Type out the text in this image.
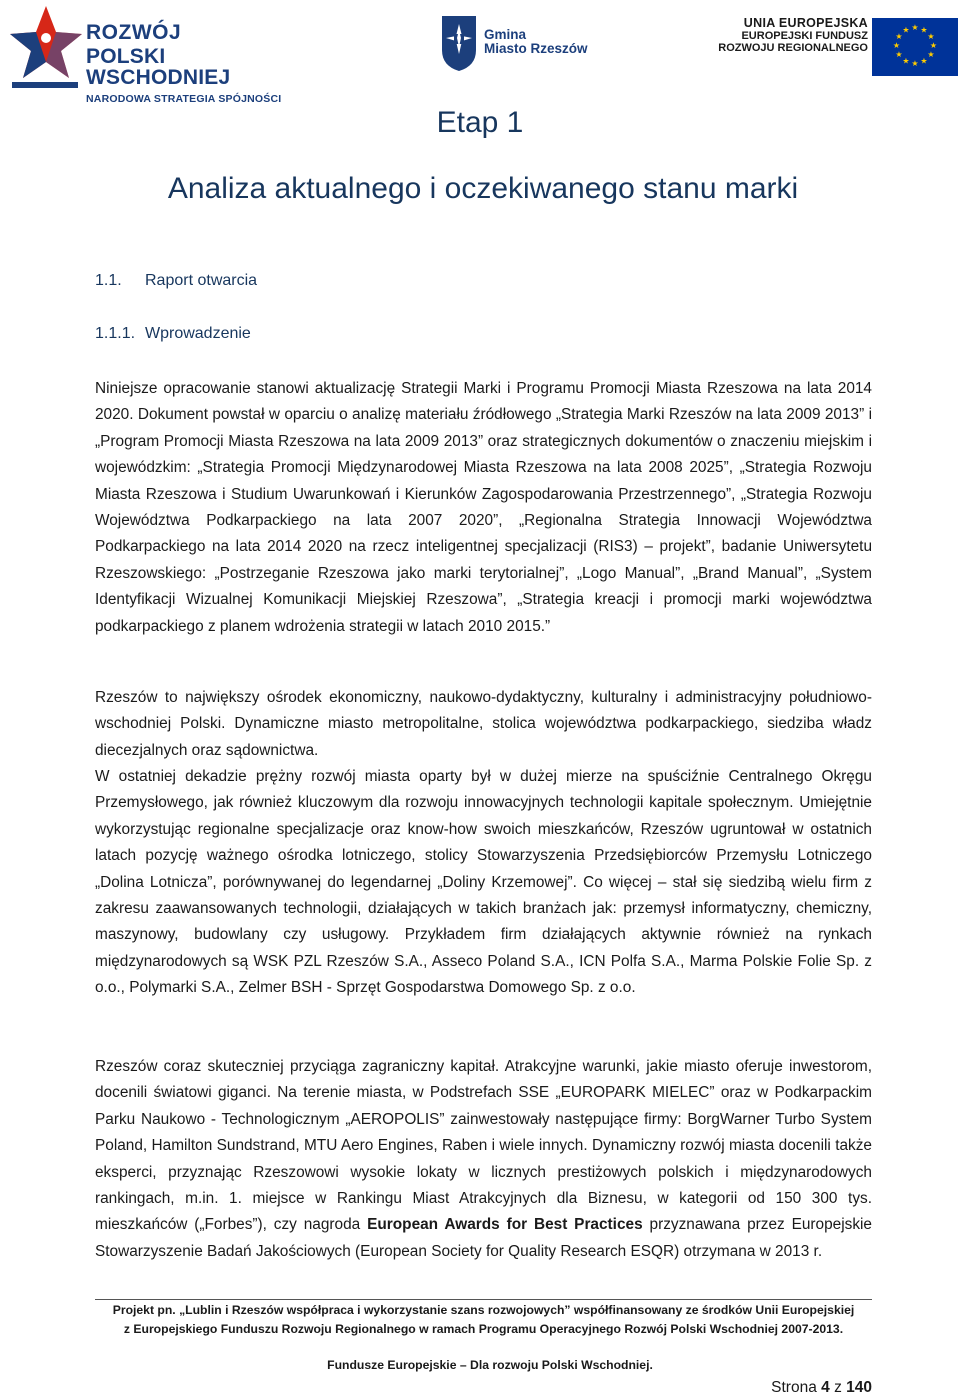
ROZWÓJ
POLSKI WSCHODNIEJ
NARODOWA STRATEGIA SPÓJNOŚCI
Gmina
Miasto Rzeszów
UNIA EUROPEJSKA
EUROPEJSKI FUNDUSZ
ROZWOJU REGIONALNEGO
★ ★
★
★
★
★
★
★
★
★
★
★
Etap 1
Analiza aktualnego i oczekiwanego stanu marki
1.1. Raport otwarcia
1.1.1. Wprowadzenie

Niniejsze opracowanie stanowi aktualizację Strategii Marki i Programu Promocji Miasta Rzeszowa na lata 2014 2020. Dokument powstał w oparciu o analizę materiału źródłowego „Strategia Marki Rzeszów na lata 2009 2013” i „Program Promocji Miasta Rzeszowa na lata 2009 2013” oraz strategicznych dokumentów o znaczeniu miejskim i wojewódzkim: „Strategia Promocji Międzynarodowej Miasta Rzeszowa na lata 2008 2025”, „Strategia Rozwoju Miasta Rzeszowa i Studium Uwarunkowań i Kierunków Zagospodarowania Przestrzennego”, „Strategia Rozwoju Województwa Podkarpackiego na lata 2007 2020”, „Regionalna Strategia Innowacji Województwa Podkarpackiego na lata 2014 2020 na rzecz inteligentnej specjalizacji (RIS3) – projekt”, badanie Uniwersytetu Rzeszowskiego: „Postrzeganie Rzeszowa jako marki terytorialnej”, „Logo Manual”, „Brand Manual”, „System Identyfikacji Wizualnej Komunikacji Miejskiej Rzeszowa”, „Strategia kreacji i promocji marki województwa podkarpackiego z planem wdrożenia strategii w latach 2010 2015.”

Rzeszów to największy ośrodek ekonomiczny, naukowo-dydaktyczny, kulturalny i administracyjny południowo-wschodniej Polski. Dynamiczne miasto metropolitalne, stolica województwa podkarpackiego, siedziba władz diecezjalnych oraz sądownictwa.

W ostatniej dekadzie prężny rozwój miasta oparty był w dużej mierze na spuściźnie Centralnego Okręgu Przemysłowego, jak również kluczowym dla rozwoju innowacyjnych technologii kapitale społecznym. Umiejętnie wykorzystując regionalne specjalizacje oraz know-how swoich mieszkańców, Rzeszów ugruntował w ostatnich latach pozycję ważnego ośrodka lotniczego, stolicy Stowarzyszenia Przedsiębiorców Przemysłu Lotniczego „Dolina Lotnicza”, porównywanej do legendarnej „Doliny Krzemowej”. Co więcej – stał się siedzibą wielu firm z zakresu zaawansowanych technologii, działających w takich branżach jak: przemysł informatyczny, chemiczny, maszynowy, budowlany czy usługowy. Przykładem firm działających aktywnie również na rynkach międzynarodowych są WSK PZL Rzeszów S.A., Asseco Poland S.A., ICN Polfa S.A., Marma Polskie Folie Sp. z o.o., Polymarki S.A., Zelmer BSH - Sprzęt Gospodarstwa Domowego Sp. z o.o.

Rzeszów coraz skuteczniej przyciąga zagraniczny kapitał. Atrakcyjne warunki, jakie miasto oferuje inwestorom, docenili światowi giganci. Na terenie miasta, w Podstrefach SSE „EUROPARK MIELEC” oraz w Podkarpackim Parku Naukowo - Technologicznym „AEROPOLIS” zainwestowały następujące firmy: BorgWarner Turbo System Poland, Hamilton Sundstrand, MTU Aero Engines, Raben i wiele innych. Dynamiczny rozwój miasta docenili także eksperci, przyznając Rzeszowowi wysokie lokaty w licznych prestiżowych polskich i międzynarodowych rankingach, m.in. 1. miejsce w Rankingu Miast Atrakcyjnych dla Biznesu, w kategorii od 150 300 tys. mieszkańców („Forbes”), czy nagroda European Awards for Best Practices przyznawana przez Europejskie Stowarzyszenie Badań Jakościowych (European Society for Quality Research ESQR) otrzymana w 2013 r.

Projekt pn. „Lublin i Rzeszów współpraca i wykorzystanie szans rozwojowych” współfinansowany ze środków Unii Europejskiej
z Europejskiego Funduszu Rozwoju Regionalnego w ramach Programu Operacyjnego Rozwój Polski Wschodniej 2007-2013.
Fundusze Europejskie – Dla rozwoju Polski Wschodniej.
Strona 4 z 140
